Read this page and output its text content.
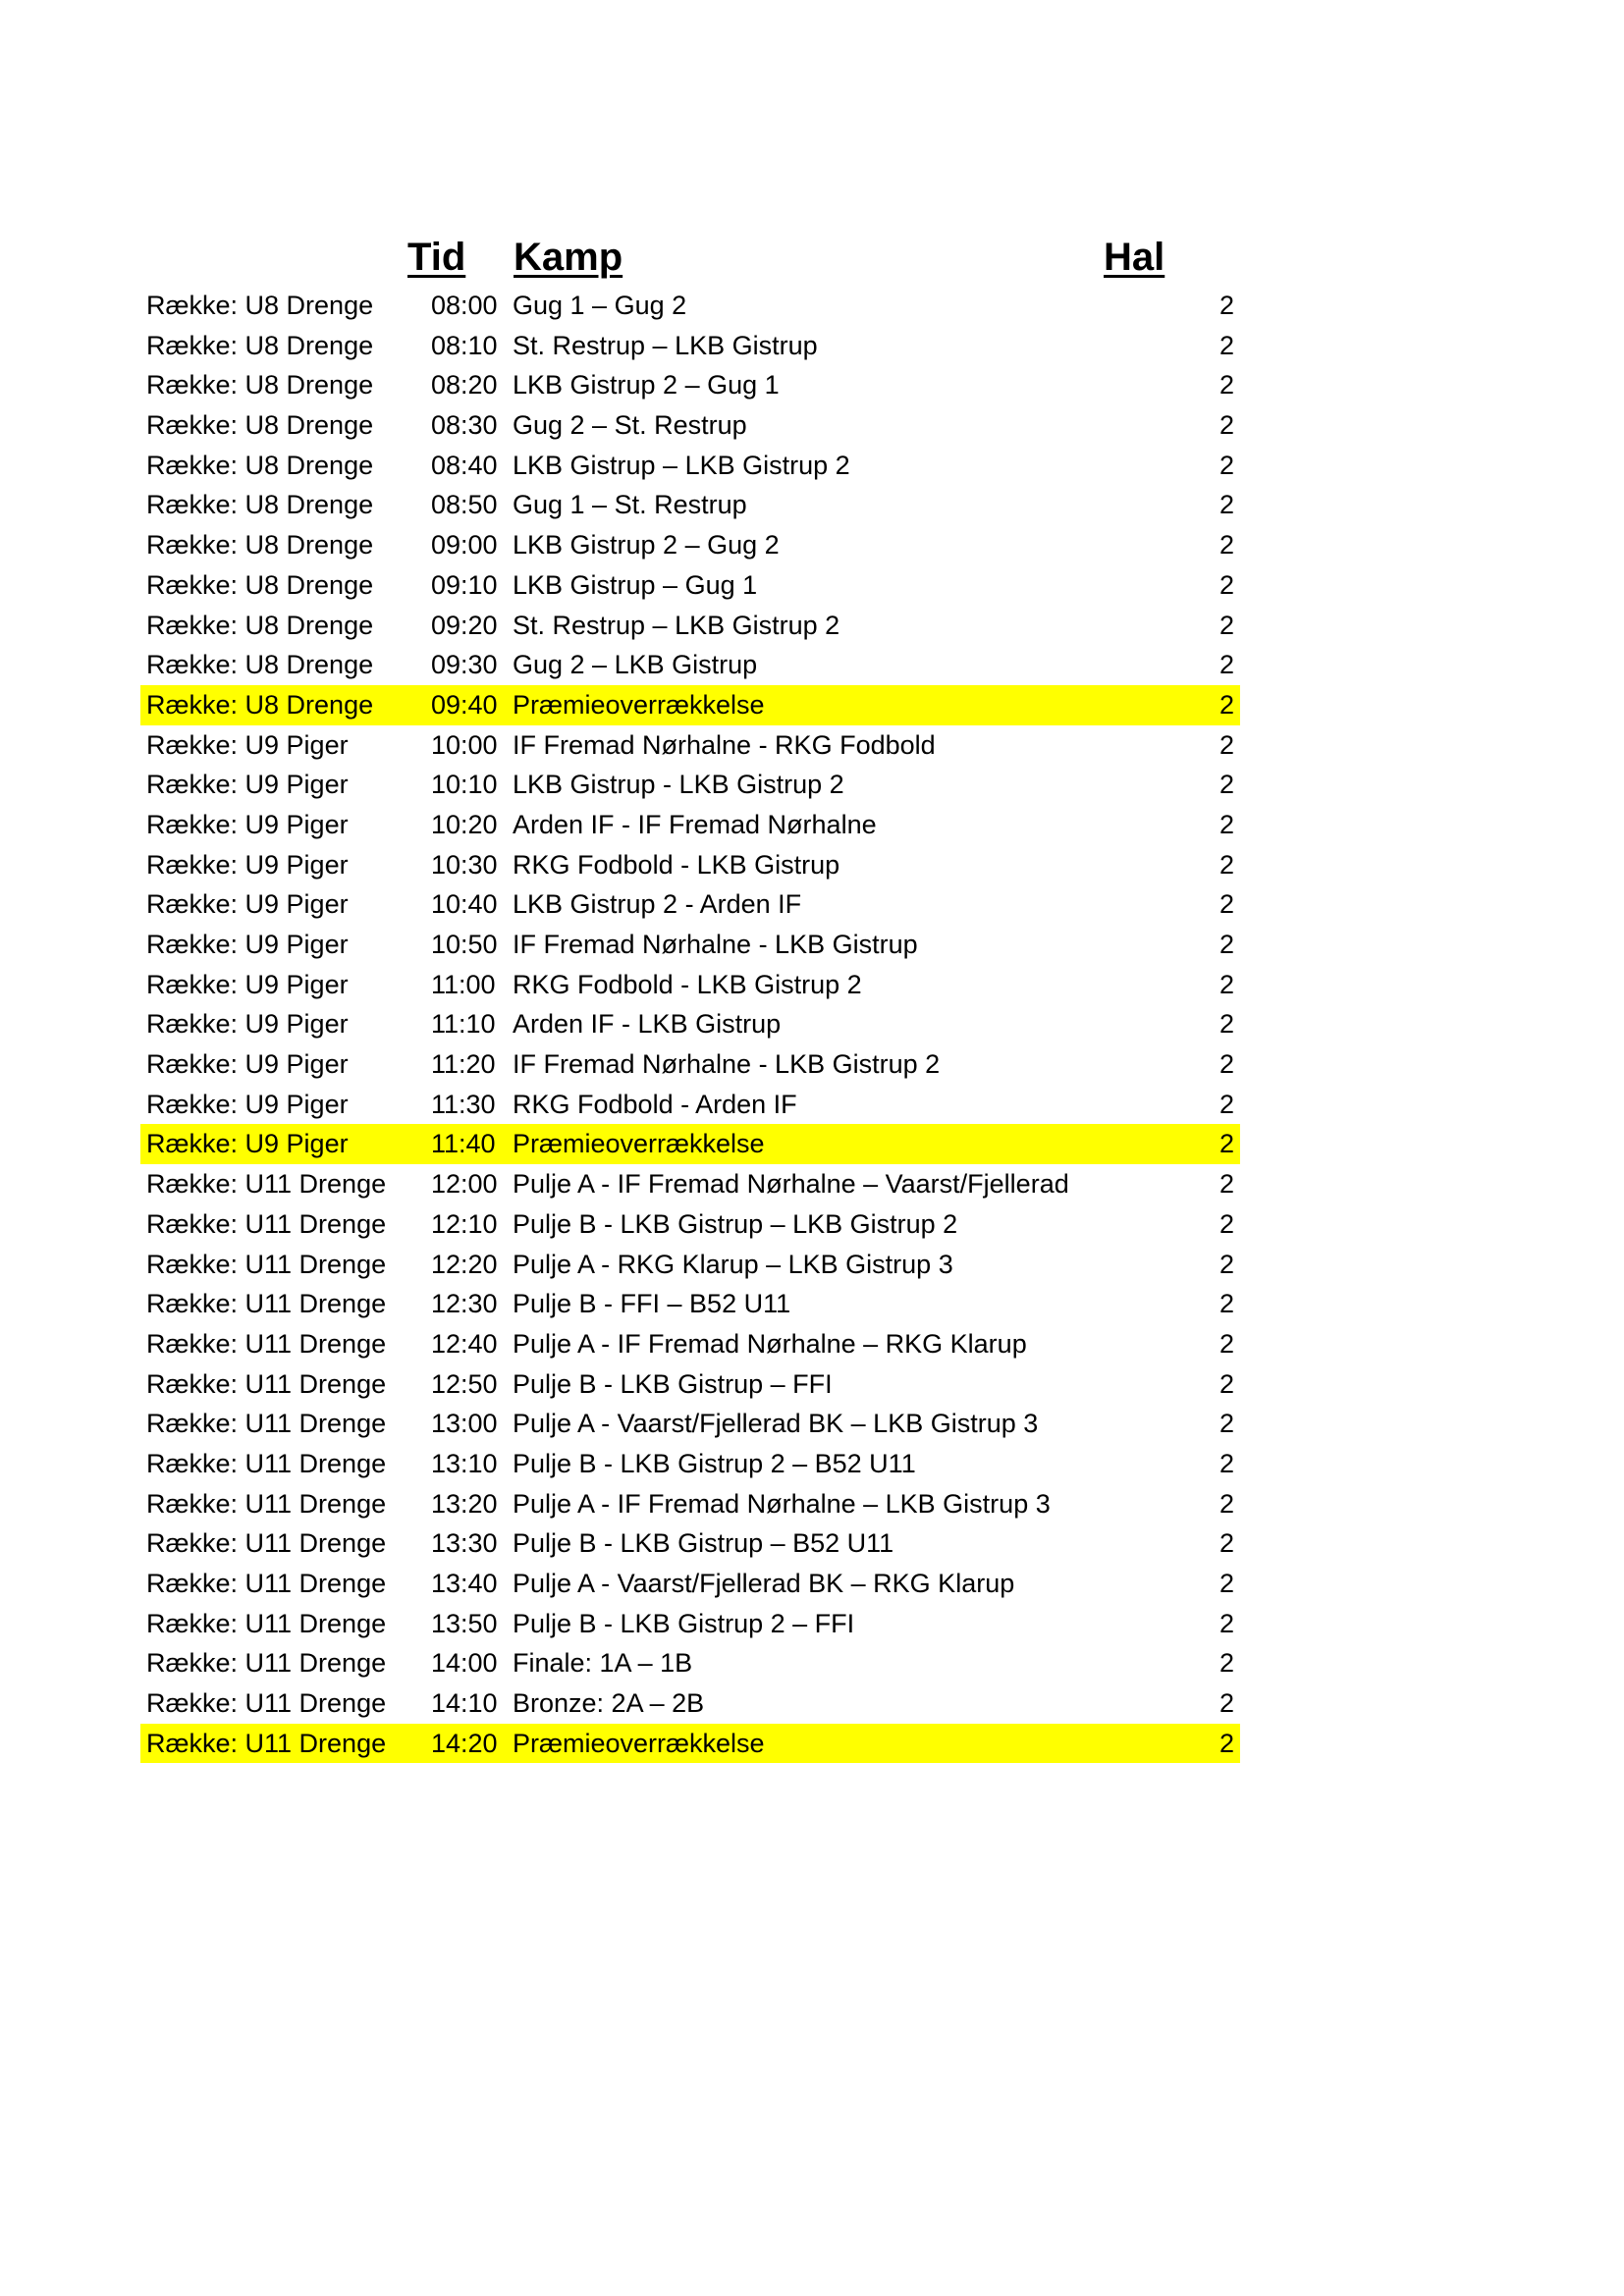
Tid Kamp	Hal
Række: U8 Drenge 08:00 Gug 1 – Gug 2	2
Række: U8 Drenge 08:10 St. Restrup – LKB Gistrup	2
Række: U8 Drenge 08:20 LKB Gistrup 2 – Gug 1	2
Række: U8 Drenge 08:30 Gug 2 – St. Restrup	2
Række: U8 Drenge 08:40 LKB Gistrup – LKB Gistrup 2	2
Række: U8 Drenge 08:50 Gug 1 – St. Restrup	2
Række: U8 Drenge 09:00 LKB Gistrup 2 – Gug 2	2
Række: U8 Drenge 09:10 LKB Gistrup – Gug 1	2
Række: U8 Drenge 09:20 St. Restrup – LKB Gistrup 2	2
Række: U8 Drenge 09:30 Gug 2 – LKB Gistrup	2
Række: U8 Drenge 09:40 Præmieoverrækkelse	2
Række: U9 Piger	10:00 IF Fremad Nørhalne - RKG Fodbold	2
Række: U9 Piger	10:10 LKB Gistrup - LKB Gistrup 2	2
Række: U9 Piger	10:20 Arden IF - IF Fremad Nørhalne	2
Række: U9 Piger	10:30 RKG Fodbold - LKB Gistrup	2
Række: U9 Piger	10:40 LKB Gistrup 2 - Arden IF	2
Række: U9 Piger	10:50 IF Fremad Nørhalne - LKB Gistrup	2
Række: U9 Piger	11:00 RKG Fodbold - LKB Gistrup 2	2
Række: U9 Piger	11:10 Arden IF - LKB Gistrup	2
Række: U9 Piger	11:20 IF Fremad Nørhalne - LKB Gistrup 2	2
Række: U9 Piger	11:30 RKG Fodbold - Arden IF	2
Række: U9 Piger	11:40 Præmieoverrækkelse	2
Række: U11 Drenge 12:00 Pulje A - IF Fremad Nørhalne – Vaarst/Fjellerad	2
Række: U11 Drenge 12:10 Pulje B - LKB Gistrup – LKB Gistrup 2	2
Række: U11 Drenge 12:20 Pulje A - RKG Klarup – LKB Gistrup 3	2
Række: U11 Drenge 12:30 Pulje B - FFI – B52 U11	2
Række: U11 Drenge 12:40 Pulje A - IF Fremad Nørhalne – RKG Klarup	2
Række: U11 Drenge 12:50 Pulje B - LKB Gistrup – FFI	2
Række: U11 Drenge 13:00 Pulje A - Vaarst/Fjellerad BK – LKB Gistrup 3	2
Række: U11 Drenge 13:10 Pulje B - LKB Gistrup 2 – B52 U11	2
Række: U11 Drenge 13:20 Pulje A - IF Fremad Nørhalne – LKB Gistrup 3	2
Række: U11 Drenge 13:30 Pulje B - LKB Gistrup – B52 U11	2
Række: U11 Drenge 13:40 Pulje A - Vaarst/Fjellerad BK – RKG Klarup	2
Række: U11 Drenge 13:50 Pulje B - LKB Gistrup 2 – FFI	2
Række: U11 Drenge 14:00 Finale: 1A – 1B	2
Række: U11 Drenge 14:10 Bronze: 2A – 2B	2
Række: U11 Drenge 14:20 Præmieoverrækkelse	2
